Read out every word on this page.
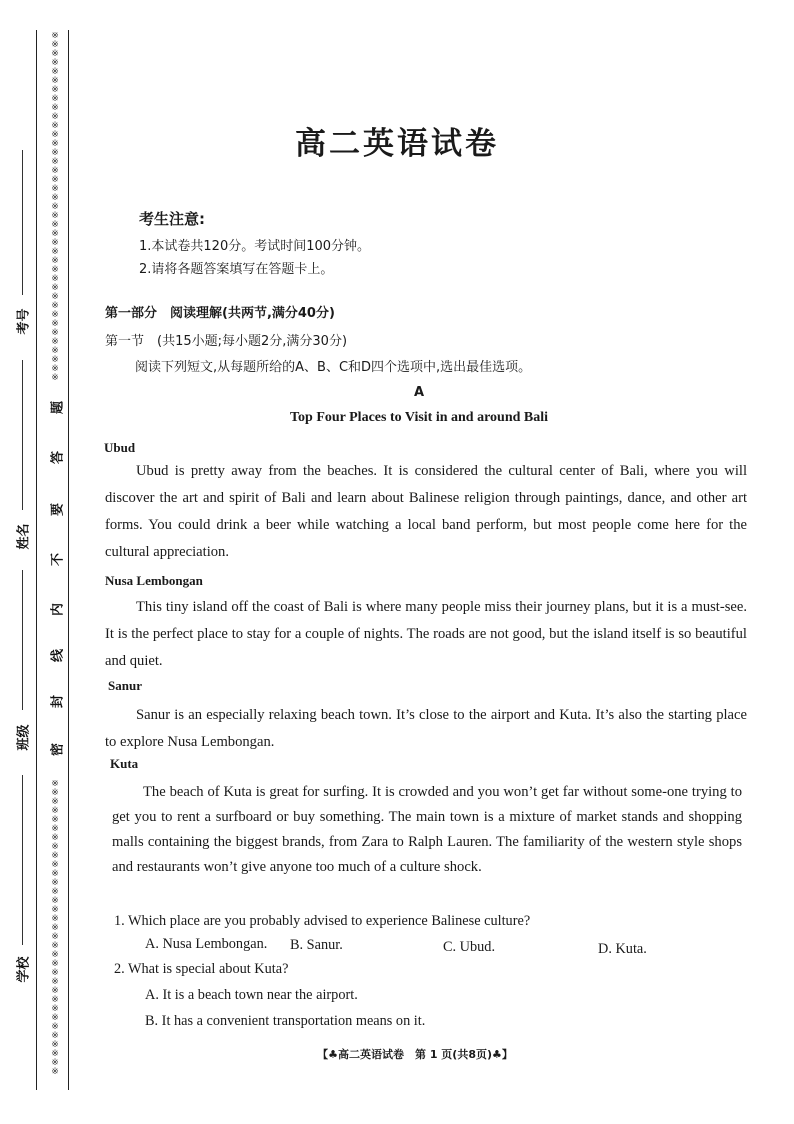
※※※※※※※※※※※※※※※※※※※※※※※※※※※※※※※※※※※※※※※
※※※※※※※※※※※※※※※※※※※※※※※※※※※※※※※※※
题
答
要
不
内
线
封
密
考号
姓名
班级
学校
高二英语试卷
考生注意:
1.本试卷共120分。考试时间100分钟。
2.请将各题答案填写在答题卡上。
第一部分　阅读理解(共两节,满分40分)
第一节　(共15小题;每小题2分,满分30分)
阅读下列短文,从每题所给的A、B、C和D四个选项中,选出最佳选项。
A
Top Four Places to Visit in and around Bali
Ubud

Ubud is pretty away from the beaches. It is considered the cultural center of Bali, where you will discover the art and spirit of Bali and learn about Balinese religion through paintings, dance, and other art forms. You could drink a beer while watching a local band perform, but most people come here for the cultural appreciation.

Nusa Lembongan

This tiny island off the coast of Bali is where many people miss their journey plans, but it is a must-see. It is the perfect place to stay for a couple of nights. The roads are not good, but the island itself is so beautiful and quiet.

Sanur

Sanur is an especially relaxing beach town. It’s close to the airport and Kuta. It’s also the starting place to explore Nusa Lembongan.

Kuta

The beach of Kuta is great for surfing. It is crowded and you won’t get far without some-one trying to get you to rent a surfboard or buy something. The main town is a mixture of market stands and shopping malls containing the biggest brands, from Zara to Ralph Lauren. The familiarity of the western style shops and restaurants won’t give anyone too much of a culture shock.

1. Which place are you probably advised to experience Balinese culture?
A. Nusa Lembongan. B. Sanur.	C. Ubud.	D. Kuta.
2. What is special about Kuta?
A. It is a beach town near the airport.
B. It has a convenient transportation means on it.
【♣高二英语试卷　第 1 页(共8页)♣】
